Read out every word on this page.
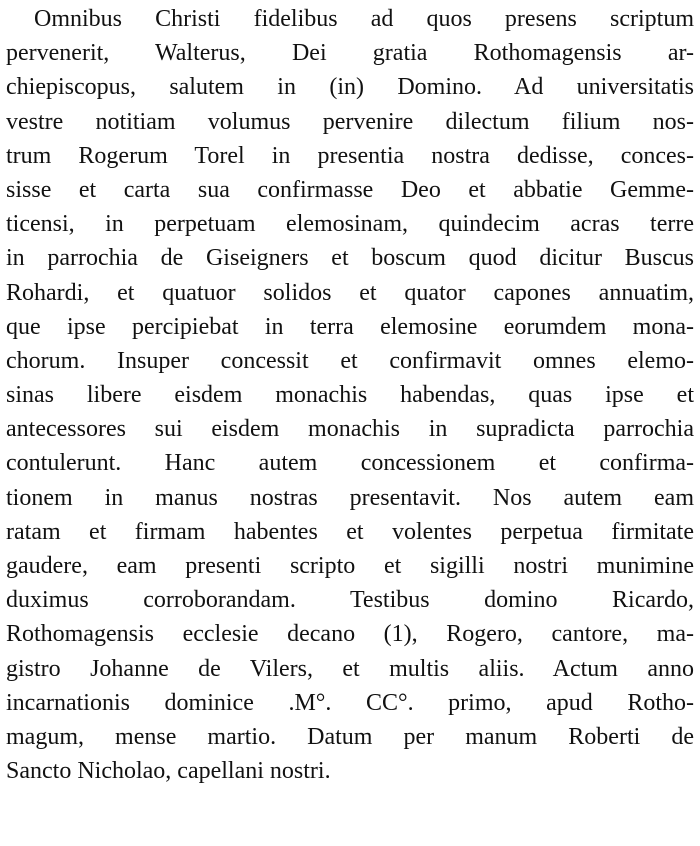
Omnibus Christi fidelibus ad quos presens scriptum
pervenerit, Walterus, Dei gratia Rothomagensis ar-
chiepiscopus, salutem in (in) Domino. Ad universitatis
vestre notitiam volumus pervenire dilectum filium nos-
trum Rogerum Torel in presentia nostra dedisse, conces-
sisse et carta sua confirmasse Deo et abbatie Gemme-
ticensi, in perpetuam elemosinam, quindecim acras terre
in parrochia de Giseigners et boscum quod dicitur Buscus
Rohardi, et quatuor solidos et quator capones annuatim,
que ipse percipiebat in terra elemosine eorumdem mona-
chorum. Insuper concessit et confirmavit omnes elemo-
sinas libere eisdem monachis habendas, quas ipse et
antecessores sui eisdem monachis in supradicta parrochia
contulerunt. Hanc autem concessionem et confirma-
tionem in manus nostras presentavit. Nos autem eam
ratam et firmam habentes et volentes perpetua firmitate
gaudere, eam presenti scripto et sigilli nostri munimine
duximus corroborandam. Testibus domino Ricardo,
Rothomagensis ecclesie decano (1), Rogero, cantore, ma-
gistro Johanne de Vilers, et multis aliis. Actum anno
incarnationis dominice .M°. CC°. primo, apud Rotho-
magum, mense martio. Datum per manum Roberti de
Sancto Nicholao, capellani nostri.
